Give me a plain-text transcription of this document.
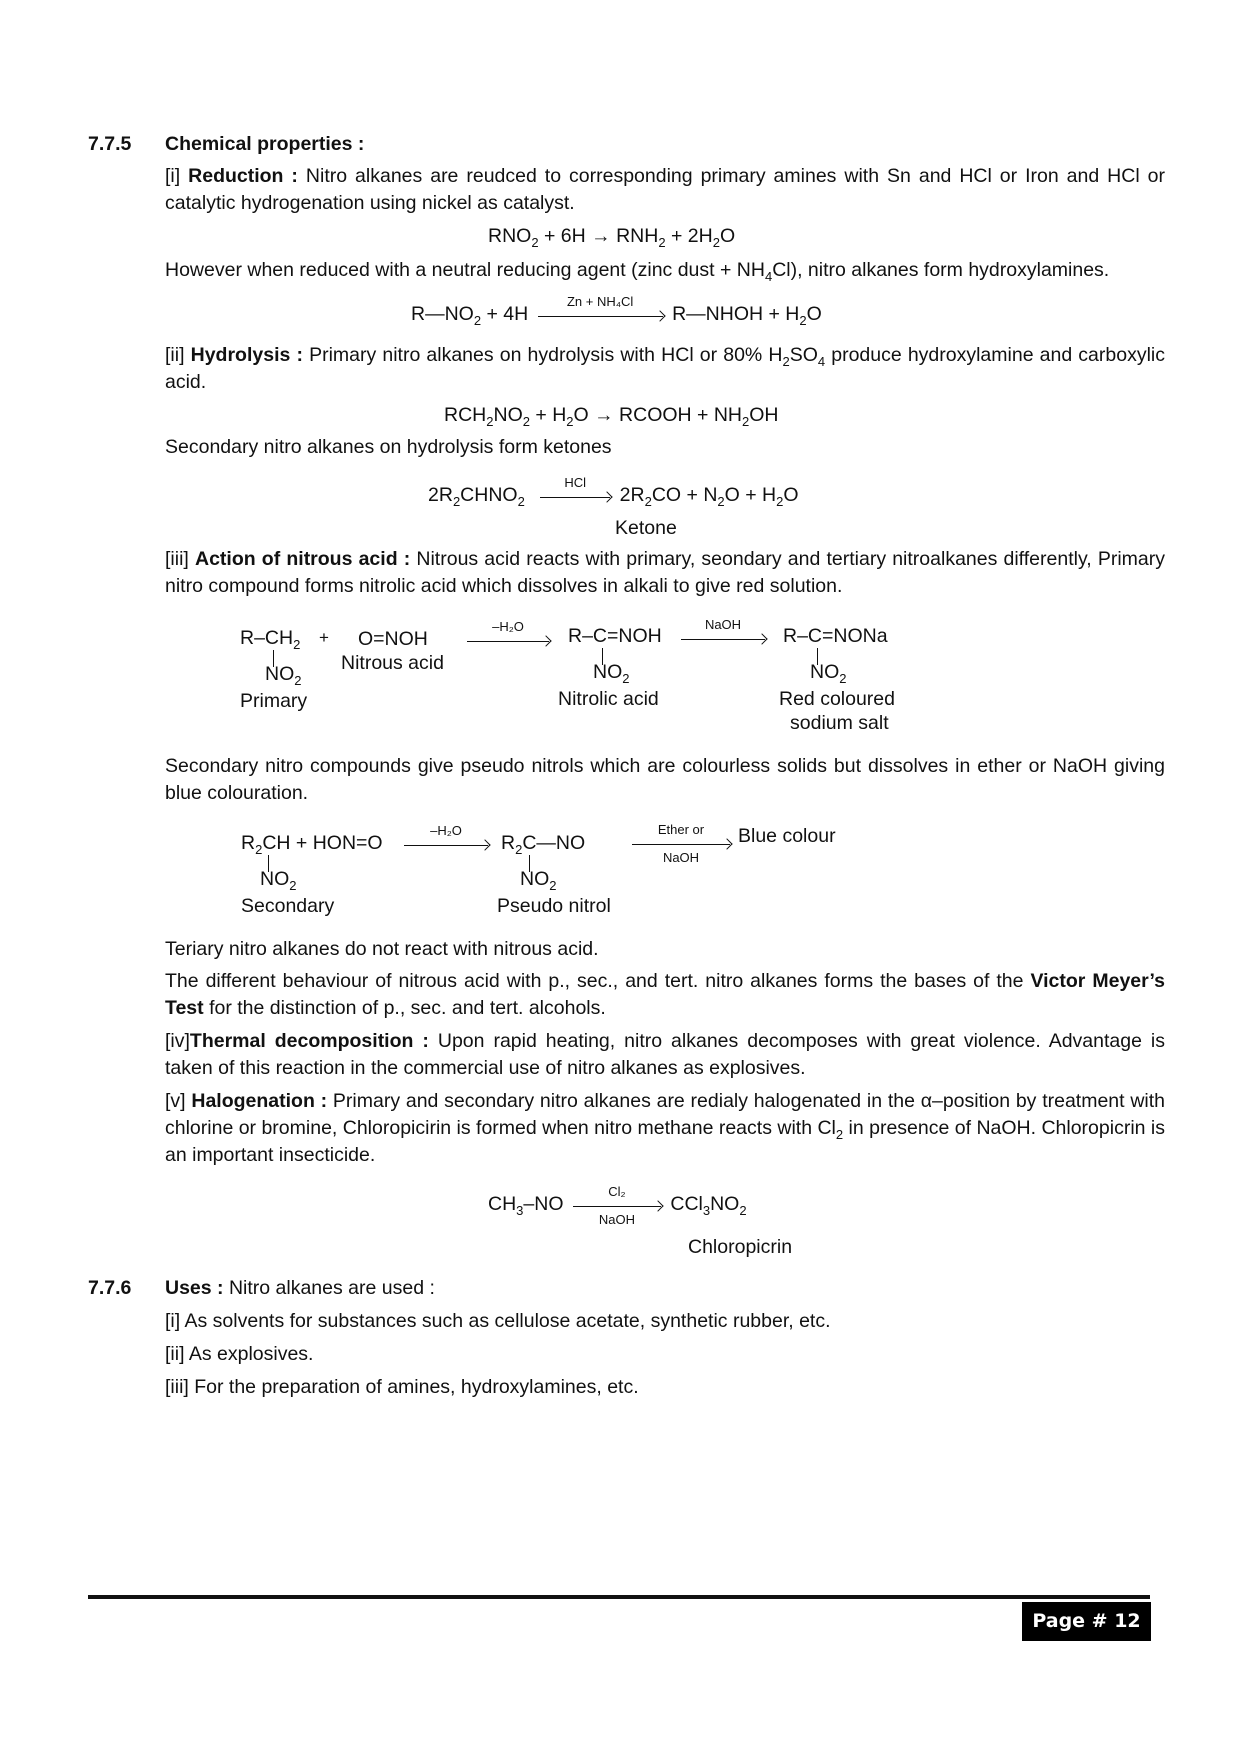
7.7.5 Chemical properties :
[i] Reduction : Nitro alkanes are reudced to corresponding primary amines with Sn and HCl or Iron and HCl or catalytic hydrogenation using nickel as catalyst.
$RNO_2 + 6H \to RNH_2 + 2H_2O$
However when reduced with a neutral reducing agent (zinc dust + $NH_4Cl$), nitro alkanes form hydroxylamines.
$R—NO_2 + 4H$
Zn + NH₄Cl
R—NHOH + $H_2O$
[ii] Hydrolysis : Primary nitro alkanes on hydrolysis with HCl or 80% $H_2SO_4$ produce hydroxylamine and carboxylic acid.
$RCH_2NO_2 + H_2O$ → RCOOH + $NH_2OH$
Secondary nitro alkanes on hydrolysis form ketones
$2R_2CHNO_2$
HCl
$2R_2CO + N_2O + H_2O$
Ketone
[iii] Action of nitrous acid : Nitrous acid reacts with primary, seondary and tertiary nitroalkanes differently, Primary nitro compound forms nitrolic acid which dissolves in alkali to give red solution.
$R-CH_2$
$NO_2$
Primary
+ O=NOH
Nitrous acid
–H₂O	R–C=NOH
$NO_2$
Nitrolic acid
NaOH
R–C=NONa
$NO_2$
Red coloured
sodium salt
Secondary nitro compounds give pseudo nitrols which are colourless solids but dissolves in ether or NaOH giving blue colouration.
$R_2CH + HON=O$
$NO_2$
Secondary
–H₂O
$R_2C—NO$
$NO_2$
Pseudo nitrol
Ether or
NaOH
Blue colour
Teriary nitro alkanes do not react with nitrous acid.
The different behaviour of nitrous acid with p., sec., and tert. nitro alkanes forms the bases of the Victor Meyer’s Test for the distinction of p., sec. and tert. alcohols.
[iv]Thermal decomposition : Upon rapid heating, nitro alkanes decomposes with great violence. Advantage is taken of this reaction in the commercial use of nitro alkanes as explosives.
[v] Halogenation : Primary and secondary nitro alkanes are redialy halogenated in the α–position by treatment with chlorine or bromine, Chloropicirin is formed when nitro methane reacts with $Cl_2$ in presence of NaOH. Chloropicrin is an important insecticide.
$CH_3-NO$
Cl₂
NaOH
$CCl_3NO_2$
Chloropicrin
7.7.6 Uses : Nitro alkanes are used :
[i] As solvents for substances such as cellulose acetate, synthetic rubber, etc.
[ii] As explosives.
[iii] For the preparation of amines, hydroxylamines, etc.
Page # 12
